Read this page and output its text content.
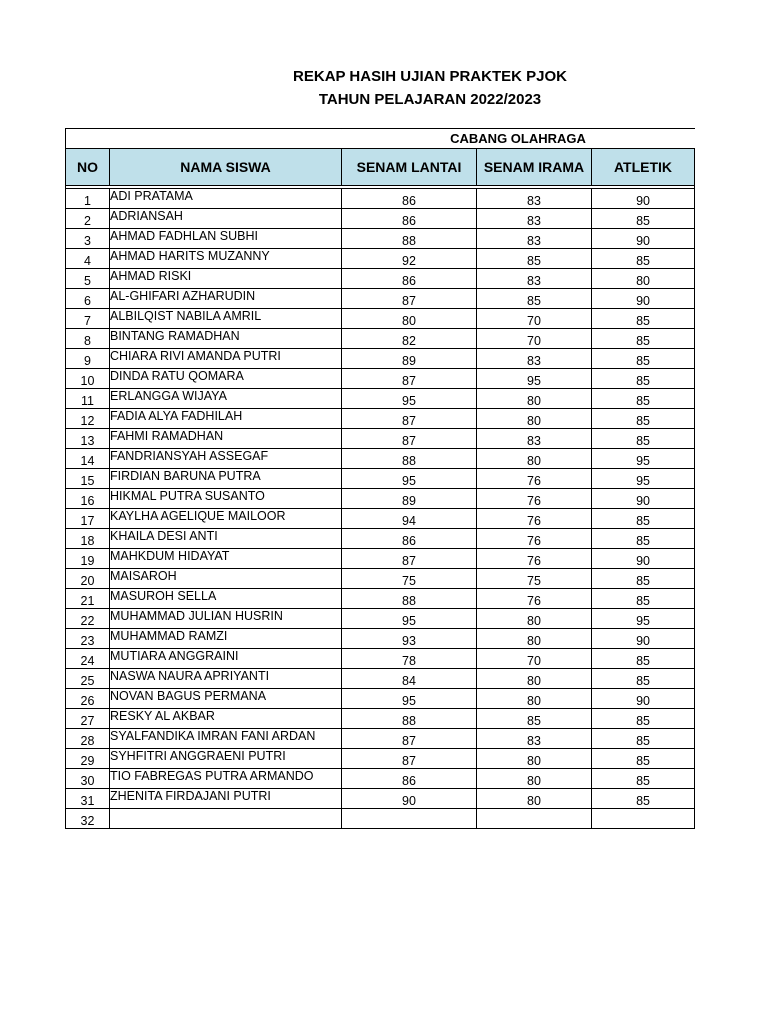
REKAP HASIH UJIAN PRAKTEK PJOK
TAHUN PELAJARAN 2022/2023
		CABANG OLAHRAGA		
NO	NAMA SISWA	SENAM LANTAI	SENAM IRAMA	ATLETIK

1	ADI PRATAMA	86	83	90
2	ADRIANSAH	86	83	85
3	AHMAD FADHLAN SUBHI	88	83	90
4	AHMAD HARITS MUZANNY	92	85	85
5	AHMAD RISKI	86	83	80
6	AL-GHIFARI AZHARUDIN	87	85	90
7	ALBILQIST NABILA AMRIL	80	70	85
8	BINTANG RAMADHAN	82	70	85
9	CHIARA RIVI AMANDA PUTRI	89	83	85
10	DINDA RATU QOMARA	87	95	85
11	ERLANGGA WIJAYA	95	80	85
12	FADIA ALYA FADHILAH	87	80	85
13	FAHMI RAMADHAN	87	83	85
14	FANDRIANSYAH ASSEGAF	88	80	95
15	FIRDIAN BARUNA PUTRA	95	76	95
16	HIKMAL PUTRA SUSANTO	89	76	90
17	KAYLHA AGELIQUE MAILOOR	94	76	85
18	KHAILA DESI ANTI	86	76	85
19	MAHKDUM HIDAYAT	87	76	90
20	MAISAROH	75	75	85
21	MASUROH SELLA	88	76	85
22	MUHAMMAD JULIAN HUSRIN	95	80	95
23	MUHAMMAD RAMZI	93	80	90
24	MUTIARA ANGGRAINI	78	70	85
25	NASWA NAURA APRIYANTI	84	80	85
26	NOVAN BAGUS PERMANA	95	80	90
27	RESKY AL AKBAR	88	85	85
28	SYALFANDIKA IMRAN FANI ARDAN	87	83	85
29	SYHFITRI ANGGRAENI PUTRI	87	80	85
30	TIO FABREGAS PUTRA ARMANDO	86	80	85
31	ZHENITA FIRDAJANI PUTRI	90	80	85
32				
